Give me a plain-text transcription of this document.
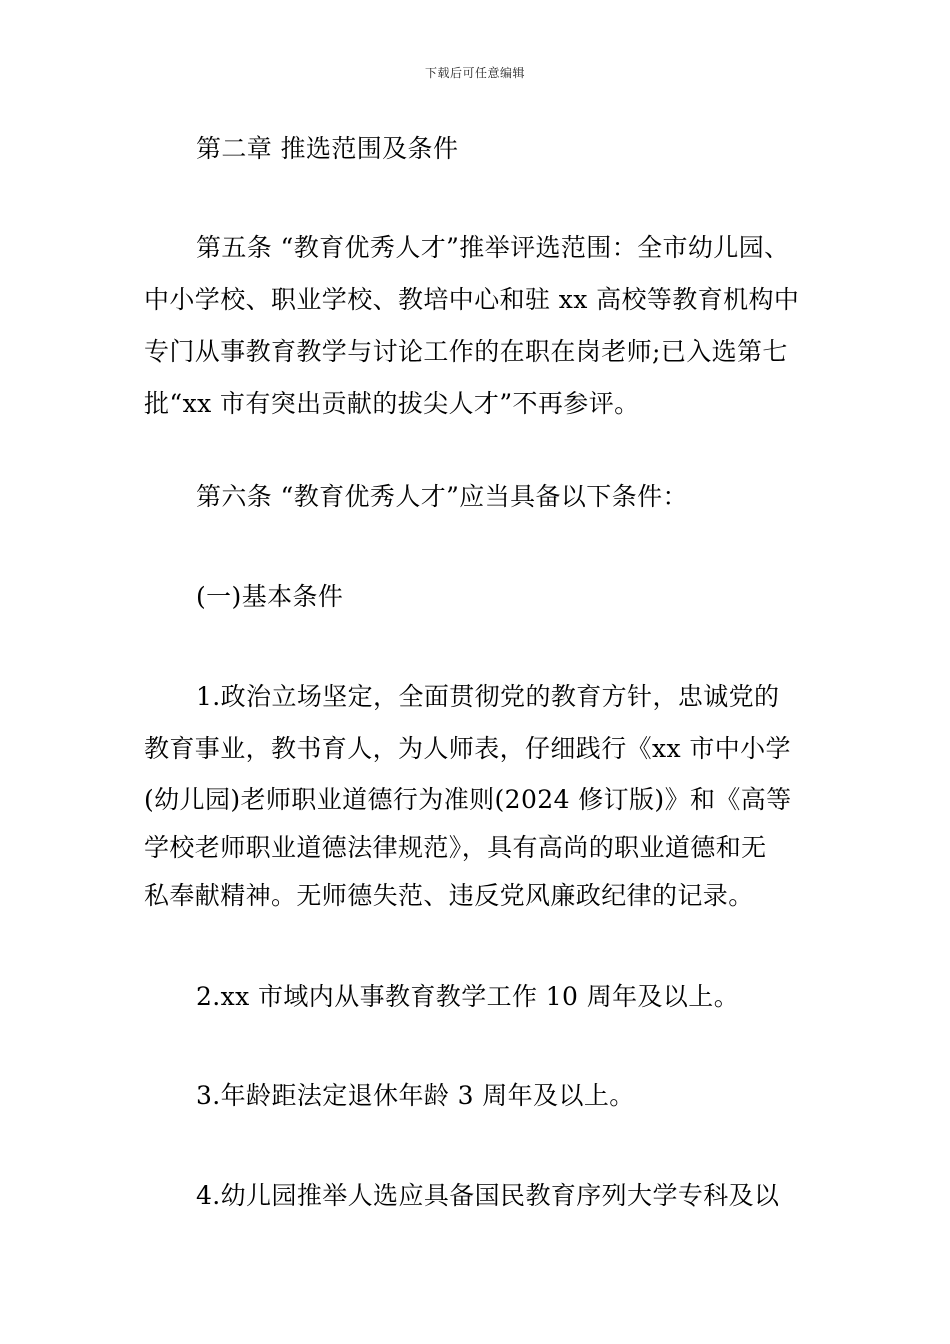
下载后可任意编辑
第二章 推选范围及条件
第五条 “教育优秀人才”推举评选范围：全市幼儿园、
中小学校、职业学校、教培中心和驻 xx 高校等教育机构中
专门从事教育教学与讨论工作的在职在岗老师;已入选第七
批“xx 市有突出贡献的拔尖人才”不再参评。
第六条 “教育优秀人才”应当具备以下条件：
(一)基本条件
1.政治立场坚定，全面贯彻党的教育方针，忠诚党的
教育事业，教书育人，为人师表，仔细践行《xx 市中小学
(幼儿园)老师职业道德行为准则(2024 修订版)》和《高等
学校老师职业道德法律规范》，具有高尚的职业道德和无
私奉献精神。无师德失范、违反党风廉政纪律的记录。
2.xx 市域内从事教育教学工作 10 周年及以上。
3.年龄距法定退休年龄 3 周年及以上。
4.幼儿园推举人选应具备国民教育序列大学专科及以
